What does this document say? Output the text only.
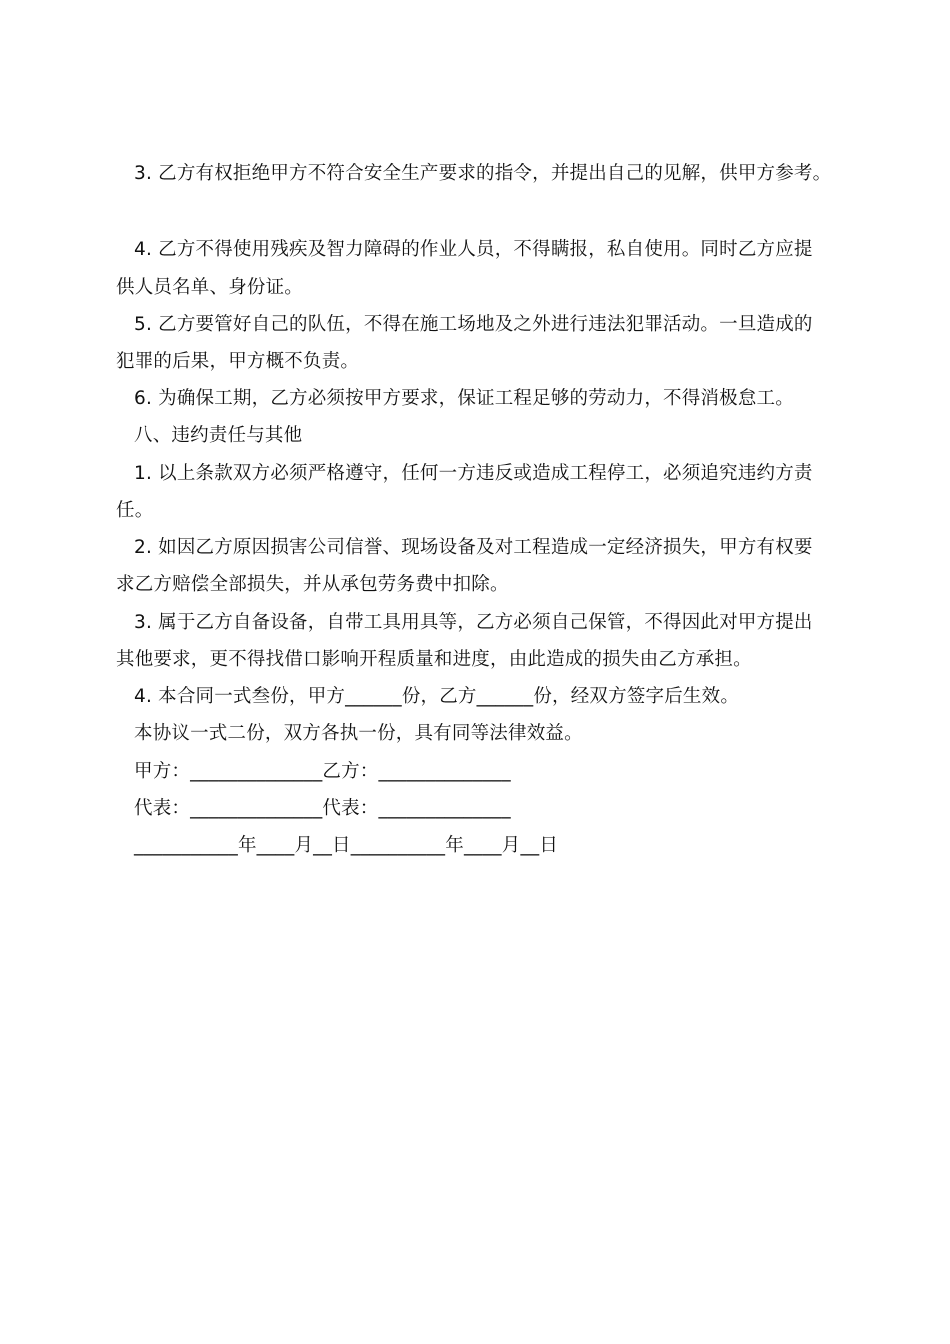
3. 乙方有权拒绝甲方不符合安全生产要求的指令，并提出自己的见解，供甲方参考。
4. 乙方不得使用残疾及智力障碍的作业人员，不得瞒报，私自使用。同时乙方应提
供人员名单、身份证。
5. 乙方要管好自己的队伍，不得在施工场地及之外进行违法犯罪活动。一旦造成的
犯罪的后果，甲方概不负责。
6. 为确保工期，乙方必须按甲方要求，保证工程足够的劳动力，不得消极怠工。
八、违约责任与其他
1. 以上条款双方必须严格遵守，任何一方违反或造成工程停工，必须追究违约方责
任。
2. 如因乙方原因损害公司信誉、现场设备及对工程造成一定经济损失，甲方有权要
求乙方赔偿全部损失，并从承包劳务费中扣除。
3. 属于乙方自备设备，自带工具用具等，乙方必须自己保管，不得因此对甲方提出
其他要求，更不得找借口影响开程质量和进度，由此造成的损失由乙方承担。
4. 本合同一式叁份，甲方______份，乙方______份，经双方签字后生效。
本协议一式二份，双方各执一份，具有同等法律效益。
甲方：______________乙方：______________
代表：______________代表：______________
___________年____月__日__________年____月__日
